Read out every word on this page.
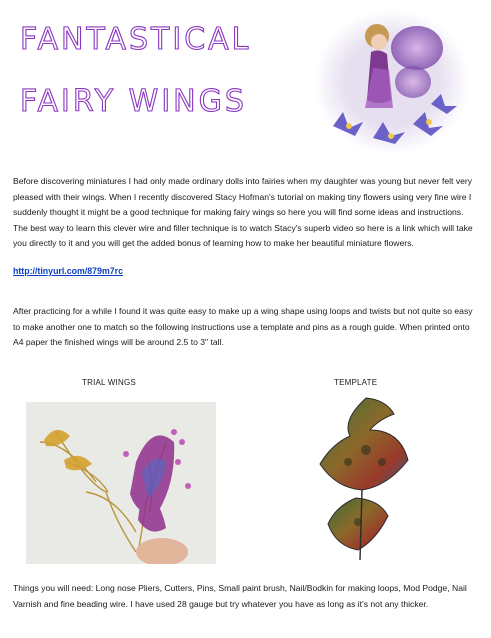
FANTASTICAL
FAIRY WINGS

Before discovering miniatures I had only made ordinary dolls into fairies when my daughter was young but never felt very pleased with their wings. When I recently discovered Stacy Hofman's tutorial on making tiny flowers using very fine wire I suddenly thought it might be a good technique for making fairy wings so here you will find some ideas and instructions. The best way to learn this clever wire and filler technique is to watch Stacy's superb video so here is a link which will take you directly to it and you will get the added bonus of learning how to make her beautiful miniature flowers.

http://tinyurl.com/879m7rc

After practicing for a while I found it was quite easy to make up a wing shape using loops and twists but not quite so easy to make another one to match so the following instructions use a template and pins as a rough guide. When printed onto A4 paper the finished wings will be around 2.5 to 3" tall.

TRIAL WINGS	TEMPLATE

Things you will need: Long nose Pliers, Cutters, Pins, Small paint brush, Nail/Bodkin for making loops, Mod Podge, Nail Varnish and fine beading wire. I have used 28 gauge but try whatever you have as long as it's not any thicker.
